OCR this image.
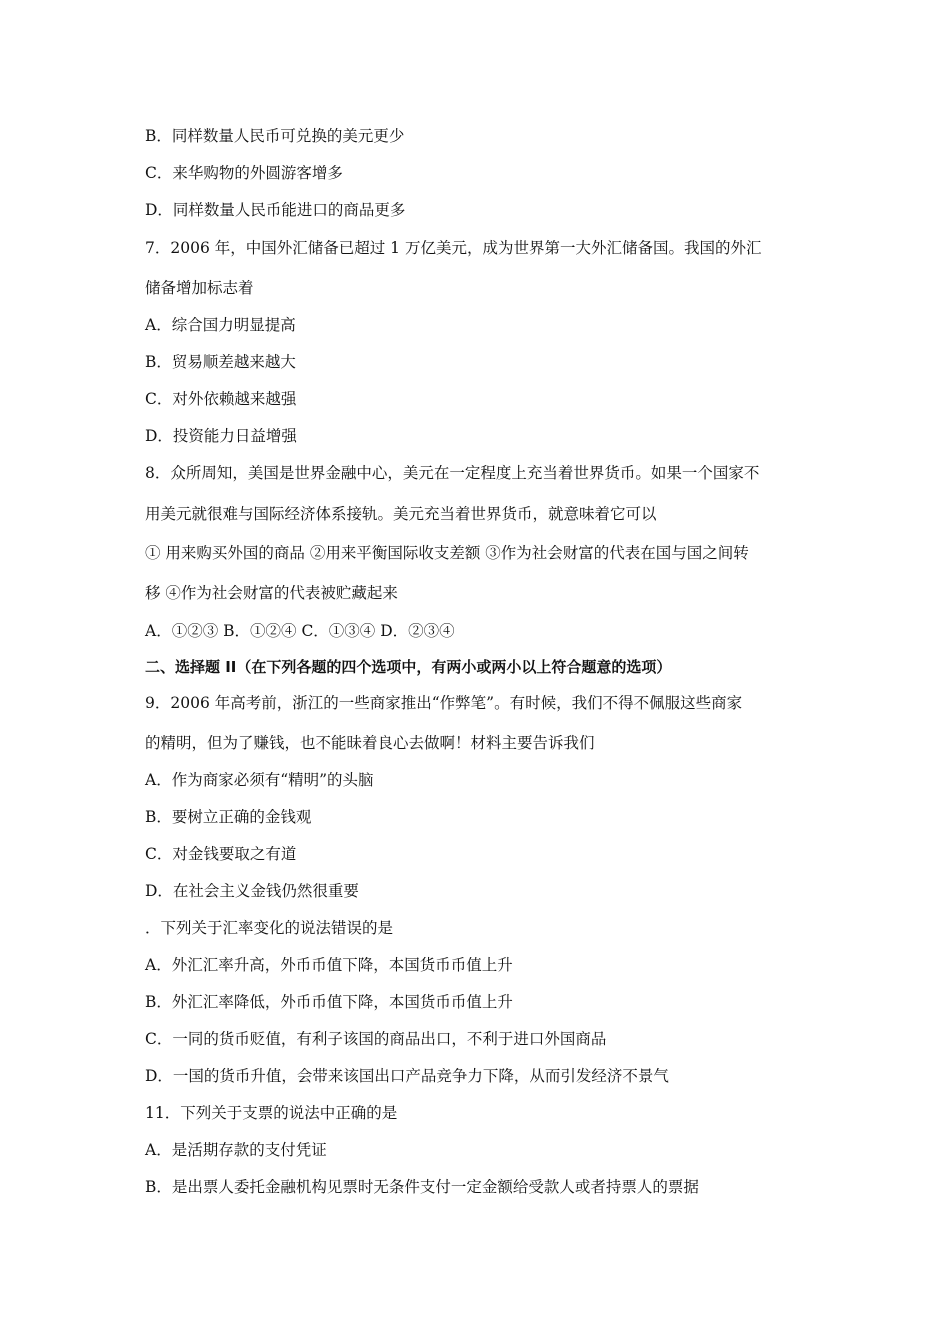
B．同样数量人民币可兑换的美元更少
C．来华购物的外圆游客增多
D．同样数量人民币能进口的商品更多
7．2006 年，中国外汇储备已超过 1 万亿美元，成为世界第一大外汇储备国。我国的外汇
储备增加标志着
A．综合国力明显提高
B．贸易顺差越来越大
C．对外依赖越来越强
D．投资能力日益增强
8．众所周知，美国是世界金融中心，美元在一定程度上充当着世界货币。如果一个国家不
用美元就很难与国际经济体系接轨。美元充当着世界货币，就意味着它可以
① 用来购买外国的商品 ②用来平衡国际收支差额 ③作为社会财富的代表在国与国之间转
移 ④作为社会财富的代表被贮藏起来
A．①②③ B．①②④ C．①③④ D．②③④
二、选择题 II（在下列各题的四个选项中，有两小或两小以上符合题意的选项）
9．2006 年高考前，浙江的一些商家推出“作弊笔”。有时候，我们不得不佩服这些商家
的精明，但为了赚钱，也不能昧着良心去做啊！材料主要告诉我们
A．作为商家必须有“精明”的头脑
B．要树立正确的金钱观
C．对金钱要取之有道
D．在社会主义金钱仍然很重要
．下列关于汇率变化的说法错误的是
A．外汇汇率升高，外币币值下降，本国货币币值上升
B．外汇汇率降低，外币币值下降，本国货币币值上升
C．一同的货币贬值，有利子该国的商品出口，不利于进口外国商品
D．一国的货币升值，会带来该国出口产品竞争力下降，从而引发经济不景气
11．下列关于支票的说法中正确的是
A．是活期存款的支付凭证
B．是出票人委托金融机构见票时无条件支付一定金额给受款人或者持票人的票据
